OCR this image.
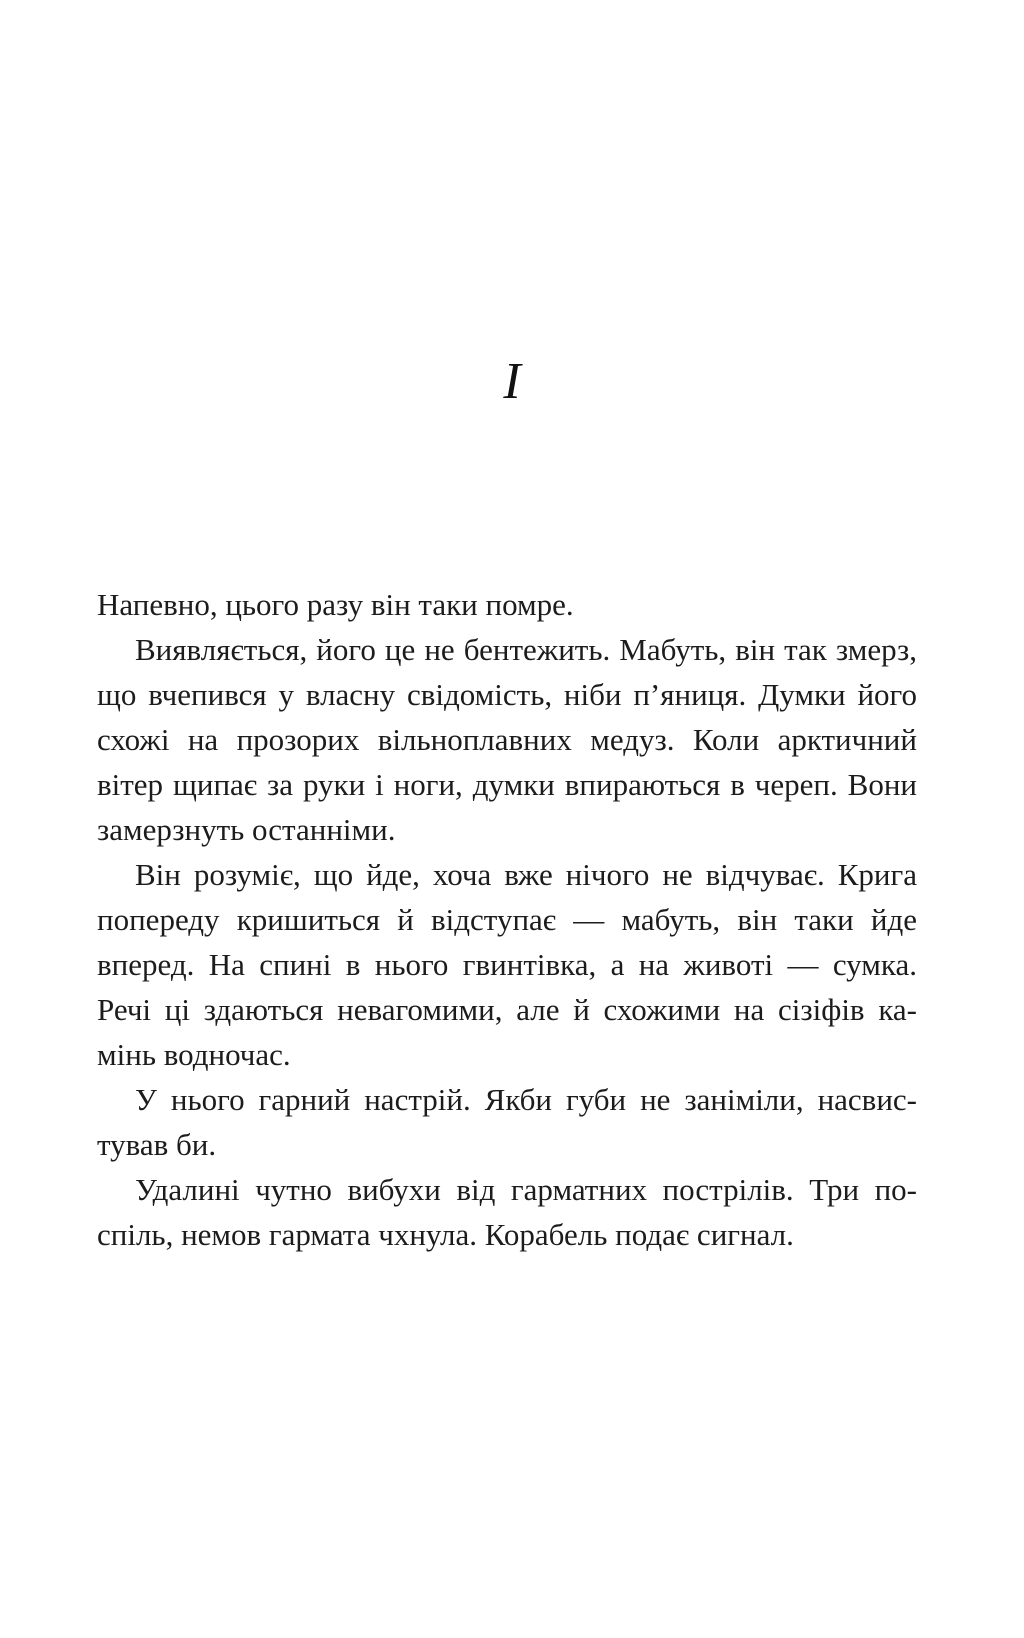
I
Напевно, цього разу він таки помре.
Виявляється, його це не бентежить. Мабуть, він так змерз,
що вчепився у власну свідомість, ніби п’яниця. Думки його
схожі на прозорих вільноплавних медуз. Коли арктичний
вітер щипає за руки і ноги, думки впираються в череп. Вони
замерзнуть останніми.
Він розуміє, що йде, хоча вже нічого не відчуває. Крига
попереду кришиться й відступає — мабуть, він таки йде
вперед. На спині в нього гвинтівка, а на животі — сумка.
Речі ці здаються невагомими, але й схожими на сізіфів ка-
мінь водночас.
У нього гарний настрій. Якби губи не заніміли, насвис-
тував би.
Удалині чутно вибухи від гарматних пострілів. Три по-
спіль, немов гармата чхнула. Корабель подає сигнал.
